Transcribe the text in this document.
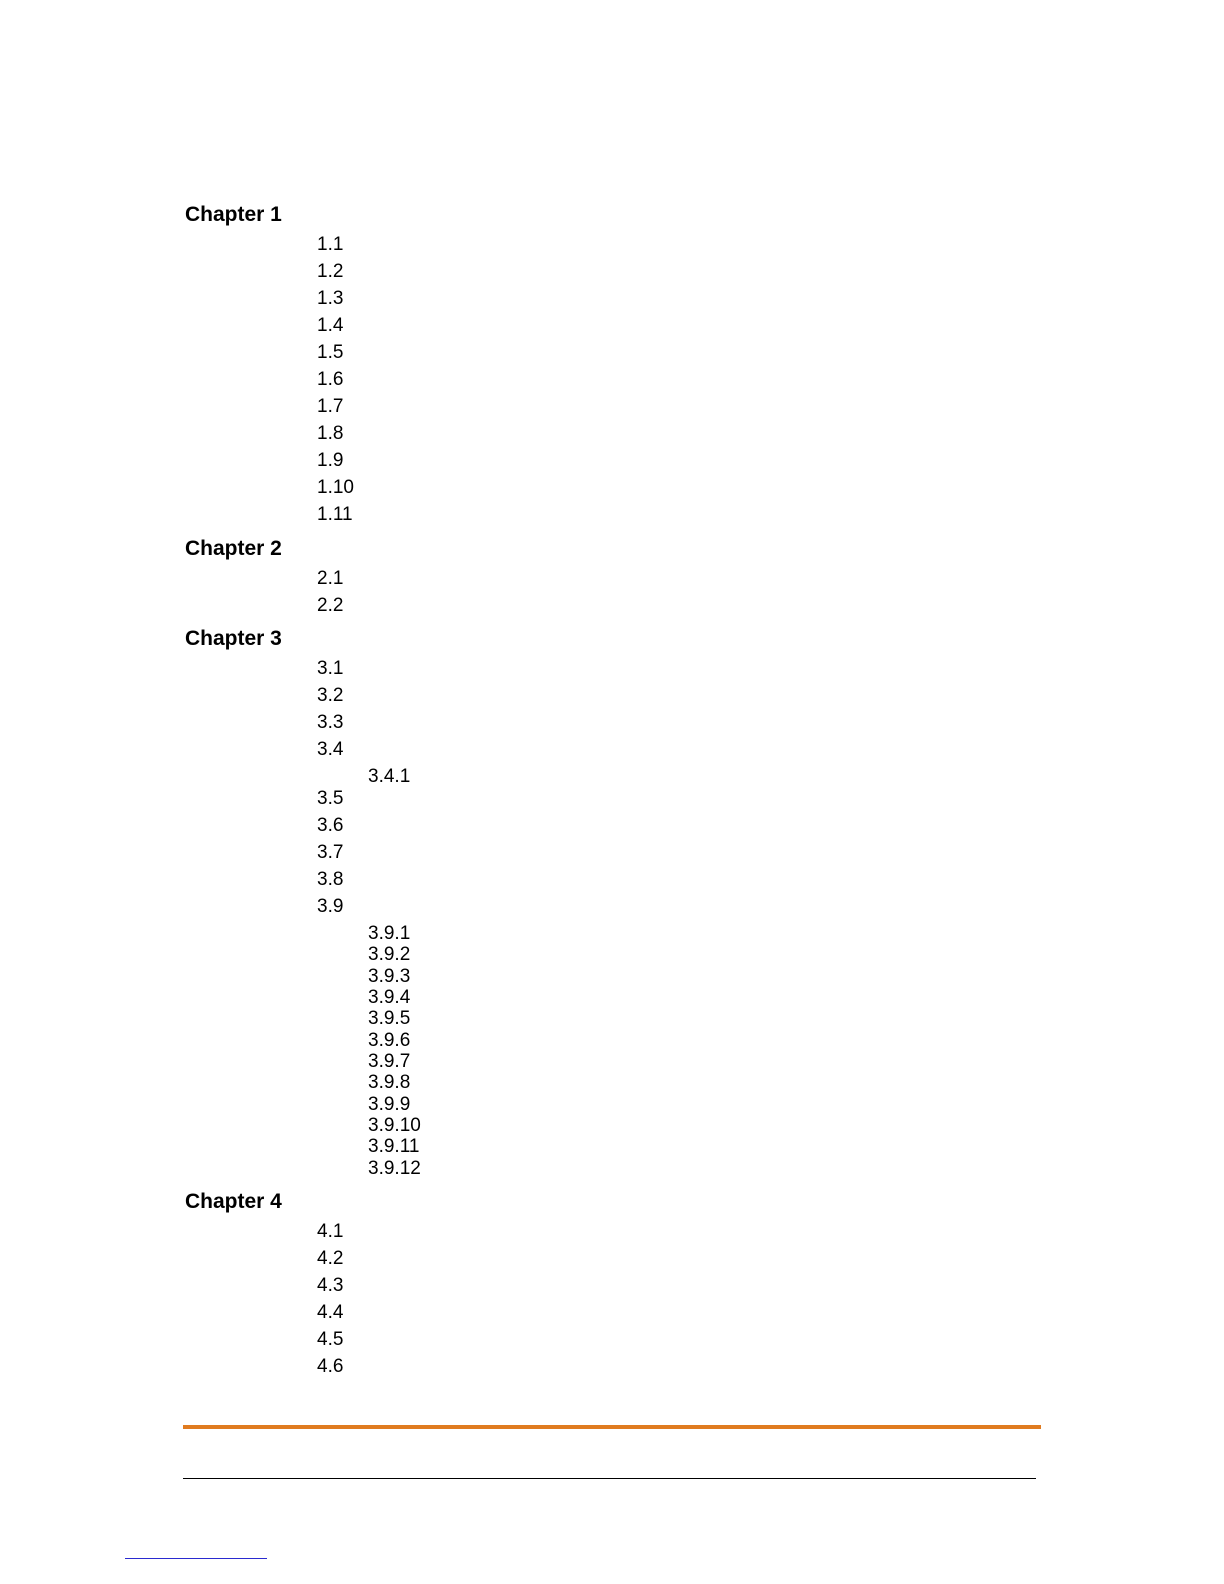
Chapter 1
1.1
1.2
1.3
1.4
1.5
1.6
1.7
1.8
1.9
1.10
1.11
Chapter 2
2.1
2.2
Chapter 3
3.1
3.2
3.3
3.4
3.4.1
3.5
3.6
3.7
3.8
3.9
3.9.1
3.9.2
3.9.3
3.9.4
3.9.5
3.9.6
3.9.7
3.9.8
3.9.9
3.9.10
3.9.11
3.9.12
Chapter 4
4.1
4.2
4.3
4.4
4.5
4.6
